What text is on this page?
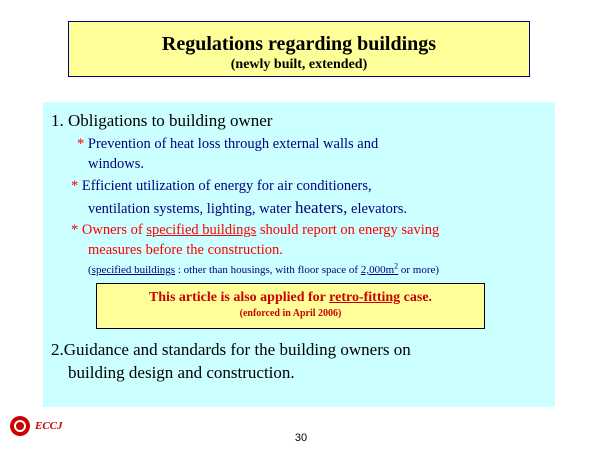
Regulations regarding buildings
(newly built, extended)
1. Obligations to building owner
* Prevention of heat loss through external walls and
windows.
* Efficient utilization of energy for air conditioners,
ventilation systems, lighting, water heaters, elevators.
* Owners of specified buildings should report on energy saving
measures before the construction.
(specified buildings : other than housings, with floor space of $2,000m^2$ or more)
This article is also applied for retro-fitting case.
(enforced in April 2006)
2.Guidance and standards for the building owners on
building design and construction.
ECCJ
30
